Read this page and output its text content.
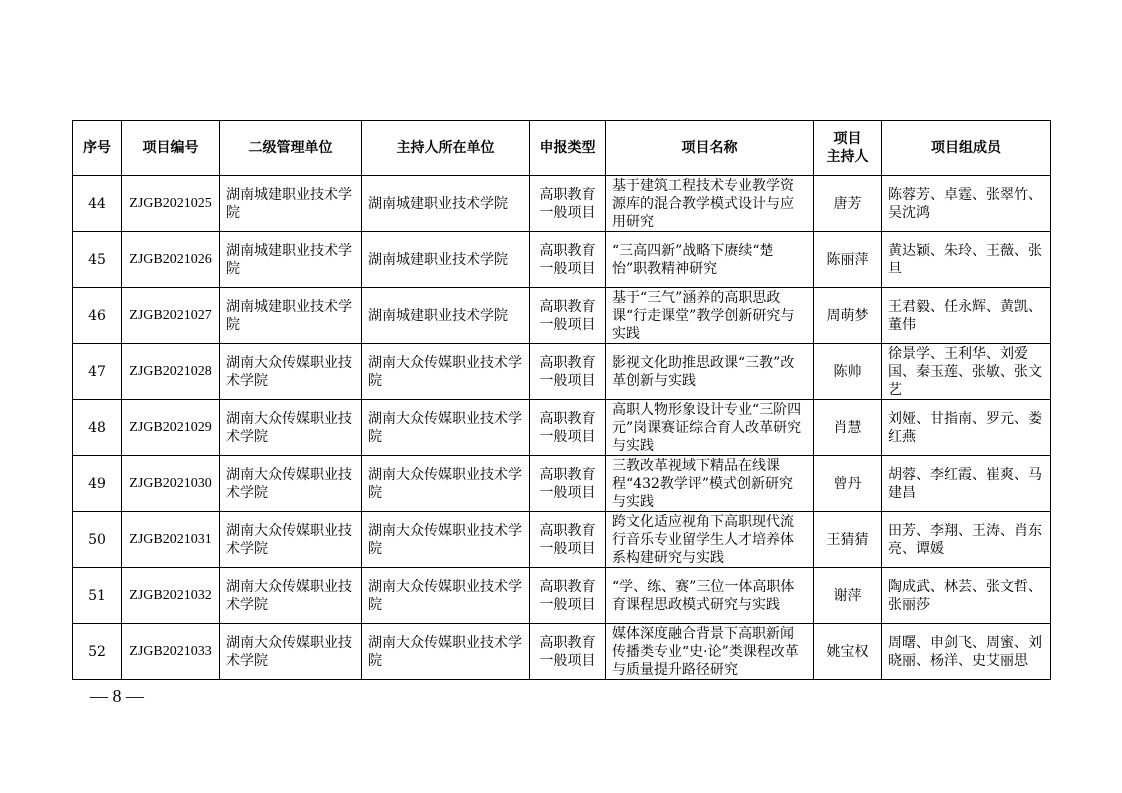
序号	项目编号	二级管理单位	主持人所在单位	申报类型	项目名称	项目
主持人	项目组成员
44	ZJGB2021025	湖南城建职业技术学院	湖南城建职业技术学院	高职教育一般项目	基于建筑工程技术专业教学资源库的混合教学模式设计与应用研究	唐芳	陈蓉芳、卓霆、张翠竹、吴沈鸿
45	ZJGB2021026	湖南城建职业技术学院	湖南城建职业技术学院	高职教育一般项目	“三高四新”战略下赓续“楚怡”职教精神研究	陈丽萍	黄达颖、朱玲、王薇、张旦
46	ZJGB2021027	湖南城建职业技术学院	湖南城建职业技术学院	高职教育一般项目	基于“三气”涵养的高职思政课“行走课堂”教学创新研究与实践	周萌梦	王君毅、任永辉、黄凯、董伟
47	ZJGB2021028	湖南大众传媒职业技术学院	湖南大众传媒职业技术学院	高职教育一般项目	影视文化助推思政课“三教”改革创新与实践	陈帅	徐景学、王利华、刘爱国、秦玉莲、张敏、张文艺
48	ZJGB2021029	湖南大众传媒职业技术学院	湖南大众传媒职业技术学院	高职教育一般项目	高职人物形象设计专业“三阶四元”岗课赛证综合育人改革研究与实践	肖慧	刘娅、甘指南、罗元、娄红燕
49	ZJGB2021030	湖南大众传媒职业技术学院	湖南大众传媒职业技术学院	高职教育一般项目	三教改革视域下精品在线课程“432教学评”模式创新研究与实践	曾丹	胡蓉、李红霞、崔爽、马建昌
50	ZJGB2021031	湖南大众传媒职业技术学院	湖南大众传媒职业技术学院	高职教育一般项目	跨文化适应视角下高职现代流行音乐专业留学生人才培养体系构建研究与实践	王猜猜	田芳、李翔、王涛、肖东亮、谭媛
51	ZJGB2021032	湖南大众传媒职业技术学院	湖南大众传媒职业技术学院	高职教育一般项目	“学、练、赛”三位一体高职体育课程思政模式研究与实践	谢萍	陶成武、林芸、张文哲、张丽莎
52	ZJGB2021033	湖南大众传媒职业技术学院	湖南大众传媒职业技术学院	高职教育一般项目	媒体深度融合背景下高职新闻传播类专业“史·论”类课程改革与质量提升路径研究	姚宝权	周曙、申剑飞、周蜜、刘晓丽、杨洋、史艾丽思
— 8 —
